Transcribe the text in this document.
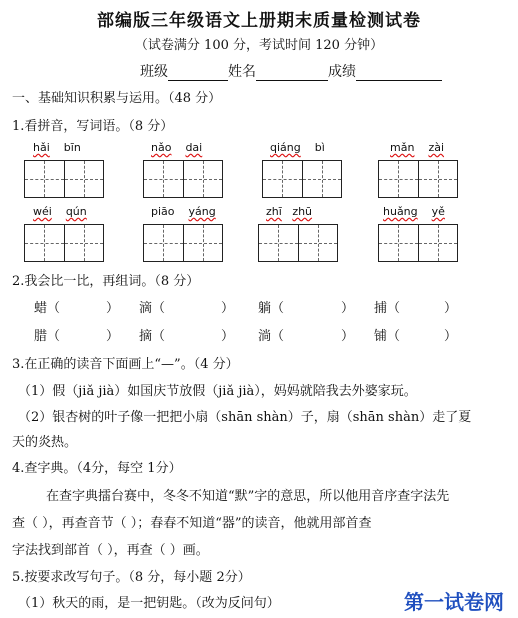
部编版三年级语文上册期末质量检测试卷
（试卷满分 100 分，考试时间 120 分钟）
班级	姓名	成绩
一、基础知识积累与运用。（48 分）
1.看拼音，写词语。（8 分）
hǎi bīn	nǎo dai	qiáng bì	mǎn zài
wéi qún	piāo yáng	zhī zhū	huǎng yě
2.我会比一比，再组词。（8 分）
蜡（	） 滴（	） 躺（	） 捕（	）
腊（	） 摘（	） 淌（	） 铺（	）
3.在正确的读音下面画上“—”。（4 分）
（1）假（jiǎ jià）如国庆节放假（jiǎ jià），妈妈就陪我去外婆家玩。
（2）银杏树的叶子像一把把小扇（shān shàn）子，扇（shān shàn）走了夏
天的炎热。
4.查字典。（4分，每空 1分）
在查字典擂台赛中，冬冬不知道“默”字的意思，所以他用音序查字法先
查（ ），再查音节（ ）；春春不知道“器”的读音，他就用部首查
字法找到部首（ ），再查（ ）画。
5.按要求改写句子。（8 分，每小题 2分）
（1）秋天的雨，是一把钥匙。（改为反问句）	第一试卷网
